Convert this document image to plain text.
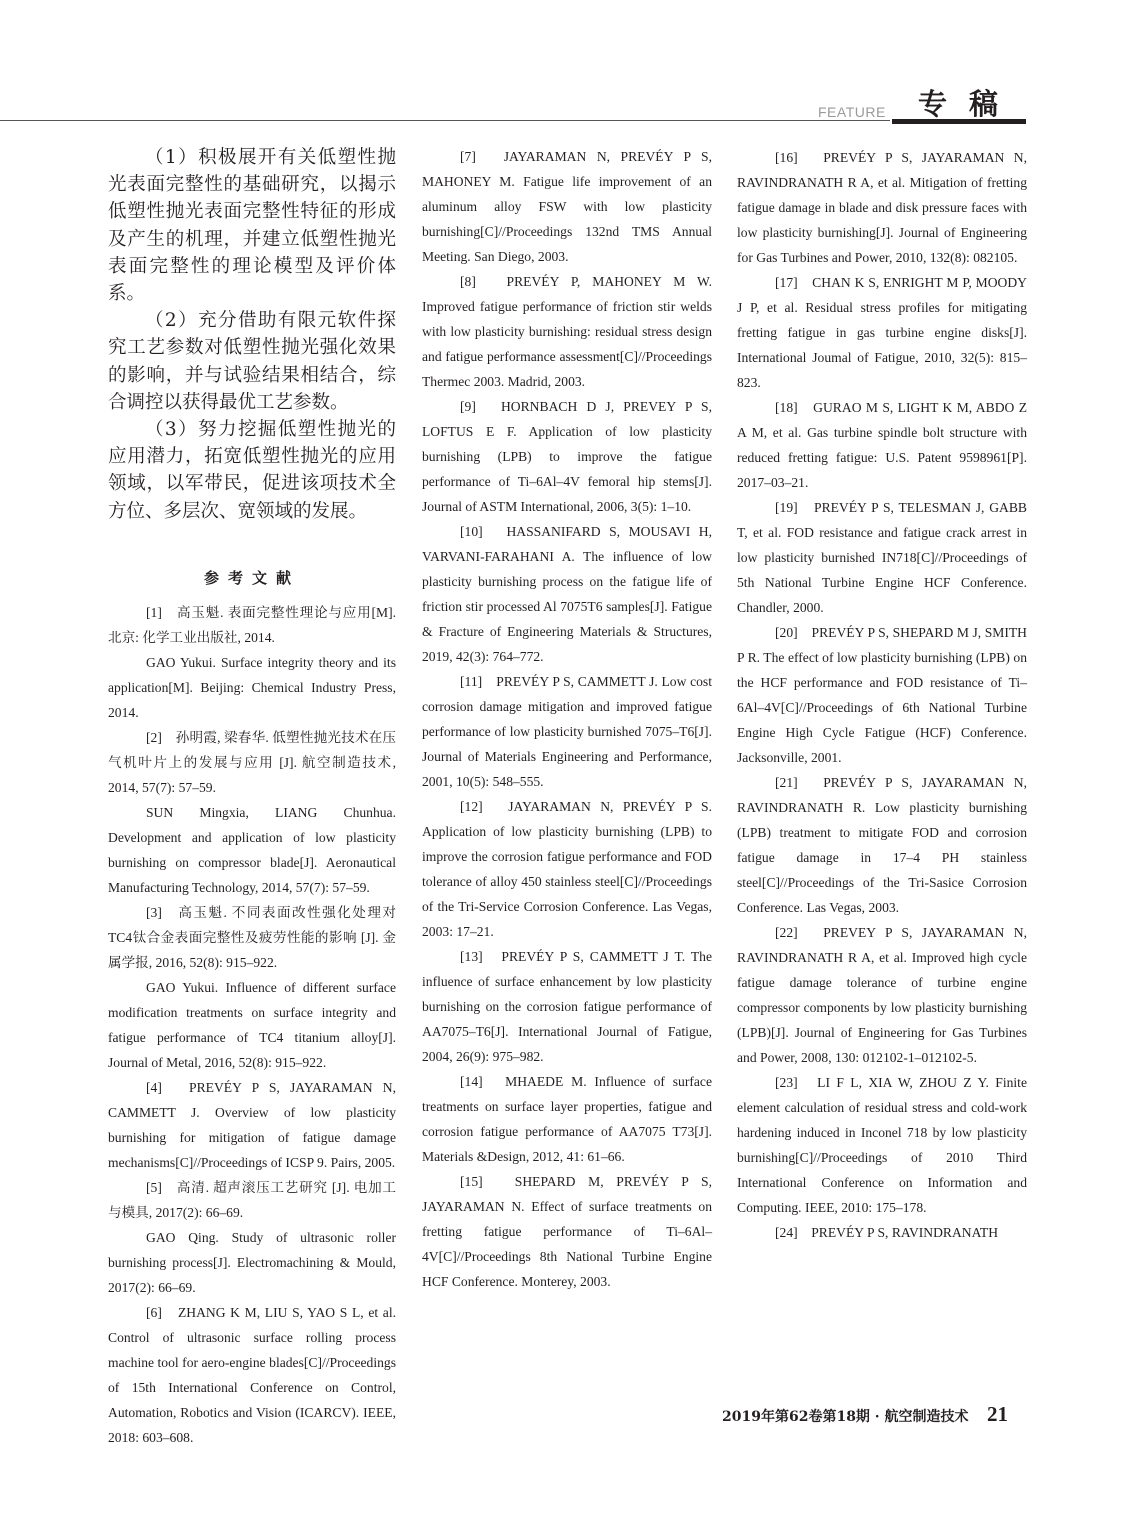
FEATURE 专稿

（1）积极展开有关低塑性抛光表面完整性的基础研究，以揭示低塑性抛光表面完整性特征的形成及产生的机理，并建立低塑性抛光表面完整性的理论模型及评价体系。

（2）充分借助有限元软件探究工艺参数对低塑性抛光强化效果的影响，并与试验结果相结合，综合调控以获得最优工艺参数。

（3）努力挖掘低塑性抛光的应用潜力，拓宽低塑性抛光的应用领域，以军带民，促进该项技术全方位、多层次、宽领域的发展。

参考文献

[1]　高玉魁. 表面完整性理论与应用[M]. 北京: 化学工业出版社, 2014.

GAO Yukui. Surface integrity theory and its application[M]. Beijing: Chemical Industry Press, 2014.

[2]　孙明霞, 梁春华. 低塑性抛光技术在压气机叶片上的发展与应用 [J]. 航空制造技术, 2014, 57(7): 57–59.

SUN Mingxia, LIANG Chunhua. Development and application of low plasticity burnishing on compressor blade[J]. Aeronautical Manufacturing Technology, 2014, 57(7): 57–59.

[3]　高玉魁. 不同表面改性强化处理对TC4钛合金表面完整性及疲劳性能的影响 [J]. 金属学报, 2016, 52(8): 915–922.

GAO Yukui. Influence of different surface modification treatments on surface integrity and fatigue performance of TC4 titanium alloy[J]. Journal of Metal, 2016, 52(8): 915–922.

[4]　PREVÉY P S, JAYARAMAN N, CAMMETT J. Overview of low plasticity burnishing for mitigation of fatigue damage mechanisms[C]//Proceedings of ICSP 9. Pairs, 2005.

[5]　高清. 超声滚压工艺研究 [J]. 电加工与模具, 2017(2): 66–69.

GAO Qing. Study of ultrasonic roller burnishing process[J]. Electromachining & Mould, 2017(2): 66–69.

[6]　ZHANG K M, LIU S, YAO S L, et al. Control of ultrasonic surface rolling process machine tool for aero-engine blades[C]//Proceedings of 15th International Conference on Control, Automation, Robotics and Vision (ICARCV). IEEE, 2018: 603–608.

[7]　JAYARAMAN N, PREVÉY P S, MAHONEY M. Fatigue life improvement of an aluminum alloy FSW with low plasticity burnishing[C]//Proceedings 132nd TMS Annual Meeting. San Diego, 2003.

[8]　PREVÉY P, MAHONEY M W. Improved fatigue performance of friction stir welds with low plasticity burnishing: residual stress design and fatigue performance assessment[C]//Proceedings Thermec 2003. Madrid, 2003.

[9]　HORNBACH D J, PREVEY P S, LOFTUS E F. Application of low plasticity burnishing (LPB) to improve the fatigue performance of Ti–6Al–4V femoral hip stems[J]. Journal of ASTM International, 2006, 3(5): 1–10.

[10]　HASSANIFARD S, MOUSAVI H, VARVANI-FARAHANI A. The influence of low plasticity burnishing process on the fatigue life of friction stir processed Al 7075T6 samples[J]. Fatigue & Fracture of Engineering Materials & Structures, 2019, 42(3): 764–772.

[11]　PREVÉY P S, CAMMETT J. Low cost corrosion damage mitigation and improved fatigue performance of low plasticity burnished 7075–T6[J]. Journal of Materials Engineering and Performance, 2001, 10(5): 548–555.

[12]　JAYARAMAN N, PREVÉY P S. Application of low plasticity burnishing (LPB) to improve the corrosion fatigue performance and FOD tolerance of alloy 450 stainless steel[C]//Proceedings of the Tri-Service Corrosion Conference. Las Vegas, 2003: 17–21.

[13]　PREVÉY P S, CAMMETT J T. The influence of surface enhancement by low plasticity burnishing on the corrosion fatigue performance of AA7075–T6[J]. International Journal of Fatigue, 2004, 26(9): 975–982.

[14]　MHAEDE M. Influence of surface treatments on surface layer properties, fatigue and corrosion fatigue performance of AA7075 T73[J]. Materials &Design, 2012, 41: 61–66.

[15]　SHEPARD M, PREVÉY P S, JAYARAMAN N. Effect of surface treatments on fretting fatigue performance of Ti–6Al–4V[C]//Proceedings 8th National Turbine Engine HCF Conference. Monterey, 2003.

[16]　PREVÉY P S, JAYARAMAN N, RAVINDRANATH R A, et al. Mitigation of fretting fatigue damage in blade and disk pressure faces with low plasticity burnishing[J]. Journal of Engineering for Gas Turbines and Power, 2010, 132(8): 082105.

[17]　CHAN K S, ENRIGHT M P, MOODY J P, et al. Residual stress profiles for mitigating fretting fatigue in gas turbine engine disks[J]. International Joumal of Fatigue, 2010, 32(5): 815–823.

[18]　GURAO M S, LIGHT K M, ABDO Z A M, et al. Gas turbine spindle bolt structure with reduced fretting fatigue: U.S. Patent 9598961[P]. 2017–03–21.

[19]　PREVÉY P S, TELESMAN J, GABB T, et al. FOD resistance and fatigue crack arrest in low plasticity burnished IN718[C]//Proceedings of 5th National Turbine Engine HCF Conference. Chandler, 2000.

[20]　PREVÉY P S, SHEPARD M J, SMITH P R. The effect of low plasticity burnishing (LPB) on the HCF performance and FOD resistance of Ti–6Al–4V[C]//Proceedings of 6th National Turbine Engine High Cycle Fatigue (HCF) Conference. Jacksonville, 2001.

[21]　PREVÉY P S, JAYARAMAN N, RAVINDRANATH R. Low plasticity burnishing (LPB) treatment to mitigate FOD and corrosion fatigue damage in 17–4 PH stainless steel[C]//Proceedings of the Tri-Sasice Corrosion Conference. Las Vegas, 2003.

[22]　PREVEY P S, JAYARAMAN N, RAVINDRANATH R A, et al. Improved high cycle fatigue damage tolerance of turbine engine compressor components by low plasticity burnishing (LPB)[J]. Journal of Engineering for Gas Turbines and Power, 2008, 130: 012102-1–012102-5.

[23]　LI F L, XIA W, ZHOU Z Y. Finite element calculation of residual stress and cold-work hardening induced in Inconel 718 by low plasticity burnishing[C]//Proceedings of 2010 Third International Conference on Information and Computing. IEEE, 2010: 175–178.

[24]　PREVÉY P S, RAVINDRANATH

2019年第62卷第18期 · 航空制造技术 21
